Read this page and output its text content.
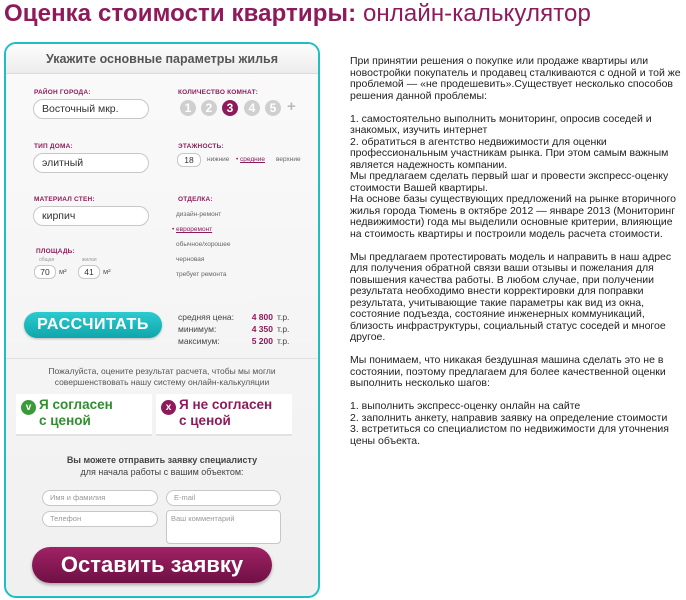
Оценка стоимости квартиры: онлайн-калькулятор
Укажите основные параметры жилья
РАЙОН ГОРОДА:
Восточный мкр.
КОЛИЧЕСТВО КОМНАТ:
1	2	3	4	5 +
ТИП ДОМА:
элитный
ЭТАЖНОСТЬ:
18	нижние • средние верхние
МАТЕРИАЛ СТЕН:
кирпич
ОТДЕЛКА:
дизайн-ремонт
• евроремонт
обычное/хорошее
черновая
требует ремонта
ПЛОЩАДЬ:
общая
70	м²
жилая
41	м²
РАССЧИТАТЬ	средняя цена:	4 800 т.р.
минимум:	4 350 т.р.
максимум:	5 200 т.р.
Пожалуйста, оцените результат расчета, чтобы мы могли совершенствовать нашу систему онлайн-калькуляции
v Я согласен
с ценой
x Я не согласен
с ценой
Вы можете отправить заявку специалисту
для начала работы с вашим объектом:
Имя и фамилия	E-mail
Телефон	Ваш комментарий
Оставить заявку

При принятии решения о покупке или продаже квартиры или новостройки покупатель и продавец сталкиваются с одной и той же проблемой — «не продешевить».Существует несколько способов решения данной проблемы:

1. самостоятельно выполнить мониторинг, опросив соседей и знакомых, изучить интернет
2. обратиться в агентство недвижимости для оценки профессиональным участникам рынка. При этом самым важным является надежность компании.
Мы предлагаем сделать первый шаг и провести экспресс-оценку стоимости Вашей квартиры.
На основе базы существующих предложений на рынке вторичного жилья города Тюмень в октябре 2012 — январе 2013 (Мониторинг недвижимости) года мы выделили основные критерии, влияющие на стоимость квартиры и построили модель расчета стоимости.

Мы предлагаем протестировать модель и направить в наш адрес для получения обратной связи ваши отзывы и пожелания для повышения качества работы. В любом случае, при получении результата необходимо внести корректировки для поправки результата, учитывающие такие параметры как вид из окна, состояние подъезда, состояние инженерных коммуникаций, близость инфраструктуры, социальный статус соседей и многое другое.

Мы понимаем, что никакая бездушная машина сделать это не в состоянии, поэтому предлагаем для более качественной оценки выполнить несколько шагов:

1. выполнить экспресс-оценку онлайн на сайте
2. заполнить анкету, направив заявку на определение стоимости
3. встретиться со специалистом по недвижимости для уточнения цены объекта.
